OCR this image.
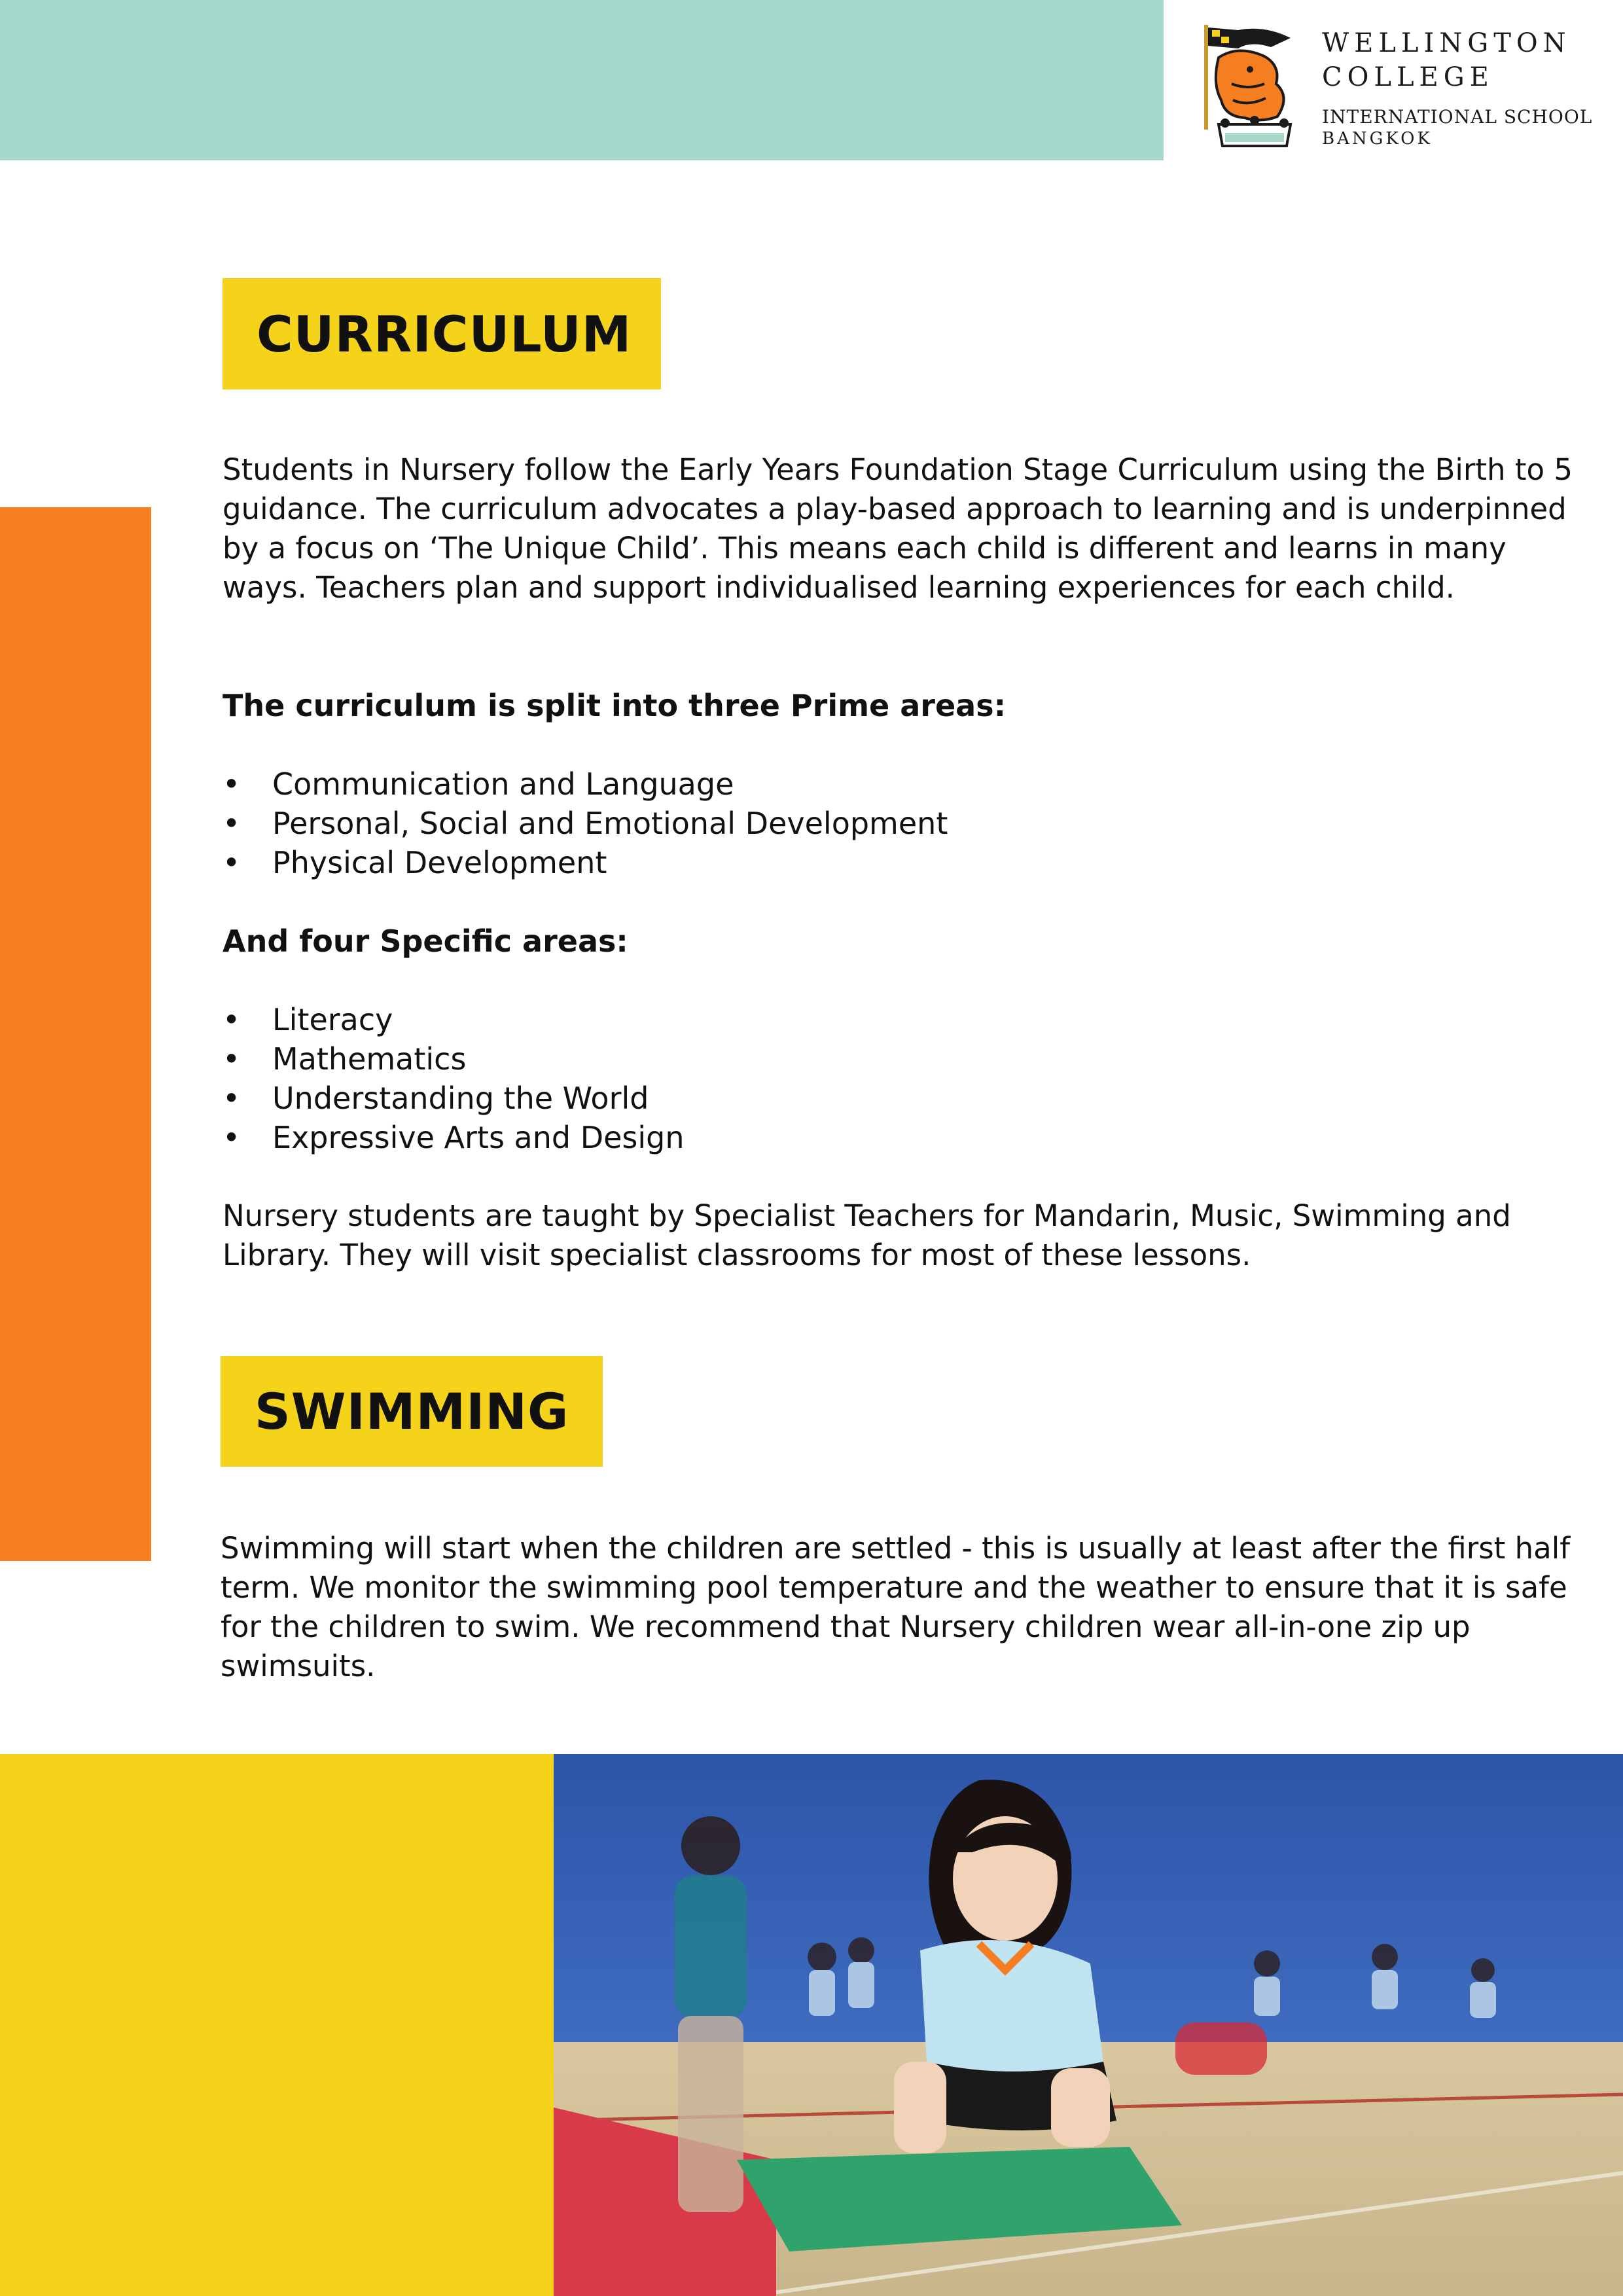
WELLINGTON
COLLEGE
INTERNATIONAL SCHOOL
BANGKOK
CURRICULUM

Students in Nursery follow the Early Years Foundation Stage Curriculum using the Birth to 5 guidance. The curriculum advocates a play-based approach to learning and is underpinned by a focus on ‘The Unique Child’. This means each child is different and learns in many ways. Teachers plan and support individualised learning experiences for each child.

The curriculum is split into three Prime areas:
• Communication and Language
• Personal, Social and Emotional Development
• Physical Development
And four Specific areas:
• Literacy
• Mathematics
• Understanding the World
• Expressive Arts and Design

Nursery students are taught by Specialist Teachers for Mandarin, Music, Swimming and Library. They will visit specialist classrooms for most of these lessons.

SWIMMING

Swimming will start when the children are settled - this is usually at least after the first half term. We monitor the swimming pool temperature and the weather to ensure that it is safe for the children to swim. We recommend that Nursery children wear all-in-one zip up swimsuits.
